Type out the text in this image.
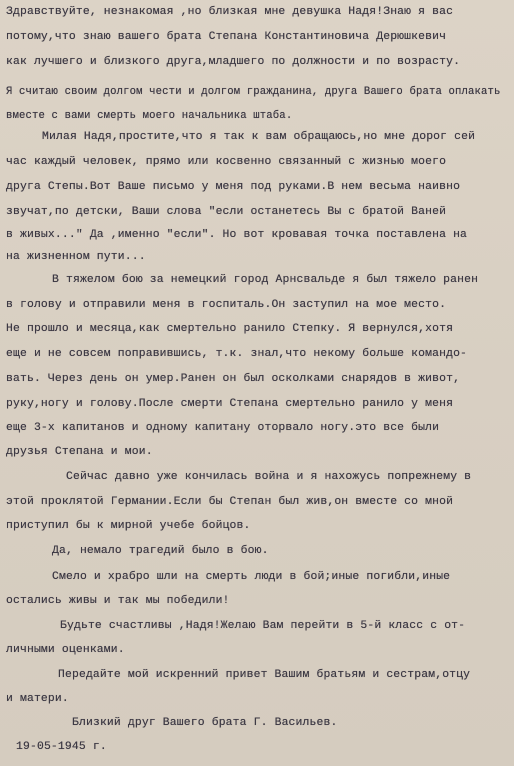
Здравствуйте, незнакомая ,но близкая мне девушка Надя!Знаю я вас
потому,что знаю вашего брата Степана Константиновича Дерюшкевич
как лучшего и близкого друга,младшего по должности и по возрасту.
Я считаю своим долгом чести и долгом гражданина, друга Вашего брата оплакать вместе с вами смерть моего начальника штаба.
Милая Надя,простите,что я так к вам обращаюсь,но мне дорог сей
час каждый человек, прямо или косвенно связанный с жизнью моего
друга Степы.Вот Ваше письмо у меня под руками.В нем весьма наивно
звучат,по детски, Ваши слова "если останетесь Вы с братой Ваней
в живых..." Да ,именно "если". Но вот кровавая точка поставлена на
на жизненном пути...
В тяжелом бою за немецкий город Арнсвальде я был тяжело ранен
в голову и отправили меня в госпиталь.Он заступил на мое место.
Не прошло и месяца,как смертельно ранило Степку. Я вернулся,хотя
еще и не совсем поправившись, т.к. знал,что некому больше командо-
вать. Через день он умер.Ранен он был осколками снарядов в живот,
руку,ногу и голову.После смерти Степана смертельно ранило у меня
еще 3-х капитанов и одному капитану оторвало ногу.это все были
друзья Степана и мои.
Сейчас давно уже кончилась война и я нахожусь попрежнему в
этой проклятой Германии.Если бы Степан был жив,он вместе со мной
приступил бы к мирной учебе бойцов.
Да, немало трагедий было в бою.
Смело и храбро шли на смерть люди в бой;иные погибли,иные
остались живы и так мы победили!
Будьте счастливы ,Надя!Желаю Вам перейти в 5-й класс с от-
личными оценками.
Передайте мой искренний привет Вашим братьям и сестрам,отцу
и матери.
Близкий друг Вашего брата Г. Васильев.
19-05-1945 г.
